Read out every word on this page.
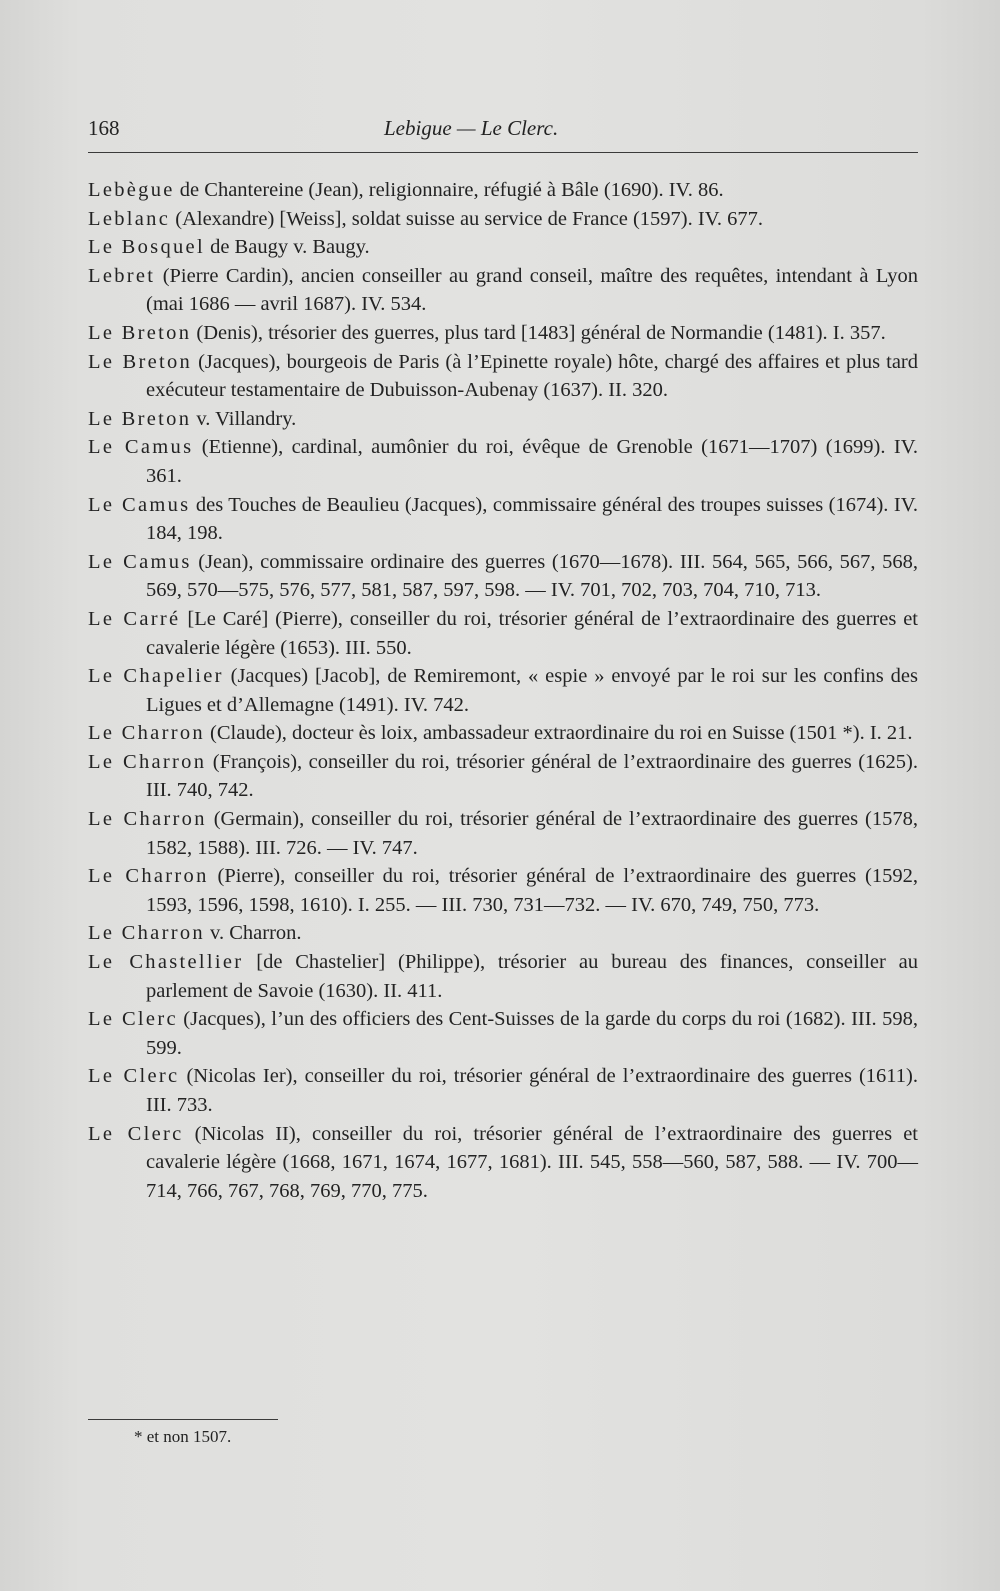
168	Lebigue — Le Clerc.

Lebègue de Chantereine (Jean), religionnaire, réfugié à Bâle (1690). IV. 86.

Leblanc (Alexandre) [Weiss], soldat suisse au service de France (1597). IV. 677.

Le Bosquel de Baugy v. Baugy.

Lebret (Pierre Cardin), ancien conseiller au grand conseil, maître des requêtes, intendant à Lyon (mai 1686 — avril 1687). IV. 534.

Le Breton (Denis), trésorier des guerres, plus tard [1483] général de Normandie (1481). I. 357.

Le Breton (Jacques), bourgeois de Paris (à l’Epinette royale) hôte, chargé des affaires et plus tard exécuteur testamentaire de Dubuisson-Aubenay (1637). II. 320.

Le Breton v. Villandry.

Le Camus (Etienne), cardinal, aumônier du roi, évêque de Grenoble (1671—1707) (1699). IV. 361.

Le Camus des Touches de Beaulieu (Jacques), commissaire général des troupes suisses (1674). IV. 184, 198.

Le Camus (Jean), commissaire ordinaire des guerres (1670—1678). III. 564, 565, 566, 567, 568, 569, 570—575, 576, 577, 581, 587, 597, 598. — IV. 701, 702, 703, 704, 710, 713.

Le Carré [Le Caré] (Pierre), conseiller du roi, trésorier général de l’extraordinaire des guerres et cavalerie légère (1653). III. 550.

Le Chapelier (Jacques) [Jacob], de Remiremont, « espie » envoyé par le roi sur les confins des Ligues et d’Allemagne (1491). IV. 742.

Le Charron (Claude), docteur ès loix, ambassadeur extraordinaire du roi en Suisse (1501 *). I. 21.

Le Charron (François), conseiller du roi, trésorier général de l’extraordinaire des guerres (1625). III. 740, 742.

Le Charron (Germain), conseiller du roi, trésorier général de l’extraordinaire des guerres (1578, 1582, 1588). III. 726. — IV. 747.

Le Charron (Pierre), conseiller du roi, trésorier général de l’extraordinaire des guerres (1592, 1593, 1596, 1598, 1610). I. 255. — III. 730, 731—732. — IV. 670, 749, 750, 773.

Le Charron v. Charron.

Le Chastellier [de Chastelier] (Philippe), trésorier au bureau des finances, conseiller au parlement de Savoie (1630). II. 411.

Le Clerc (Jacques), l’un des officiers des Cent-Suisses de la garde du corps du roi (1682). III. 598, 599.

Le Clerc (Nicolas Ier), conseiller du roi, trésorier général de l’extraordinaire des guerres (1611). III. 733.

Le Clerc (Nicolas II), conseiller du roi, trésorier général de l’extraordinaire des guerres et cavalerie légère (1668, 1671, 1674, 1677, 1681). III. 545, 558—560, 587, 588. — IV. 700—714, 766, 767, 768, 769, 770, 775.

* et non 1507.
